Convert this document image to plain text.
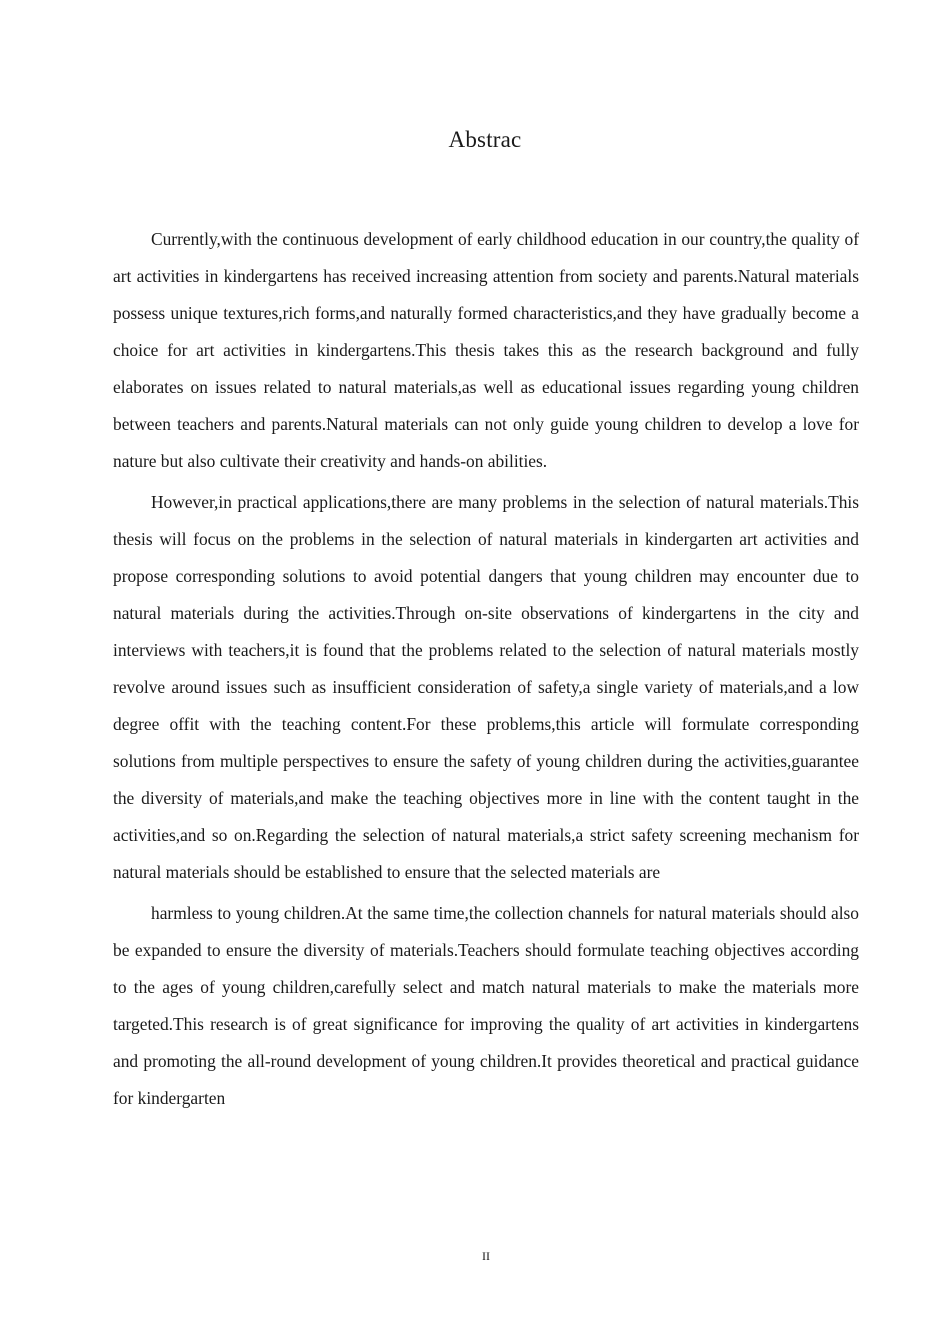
Abstrac

Currently,with the continuous development of early childhood education in our country,the quality of art activities in kindergartens has received increasing attention from society and parents.Natural materials possess unique textures,rich forms,and naturally formed characteristics,and they have gradually become a choice for art activities in kindergartens.This thesis takes this as the research background and fully elaborates on issues related to natural materials,as well as educational issues regarding young children between teachers and parents.Natural materials can not only guide young children to develop a love for nature but also cultivate their creativity and hands-on abilities.

However,in practical applications,there are many problems in the selection of natural materials.This thesis will focus on the problems in the selection of natural materials in kindergarten art activities and propose corresponding solutions to avoid potential dangers that young children may encounter due to natural materials during the activities.Through on-site observations of kindergartens in the city and interviews with teachers,it is found that the problems related to the selection of natural materials mostly revolve around issues such as insufficient consideration of safety,a single variety of materials,and a low degree offit with the teaching content.For these problems,this article will formulate corresponding solutions from multiple perspectives to ensure the safety of young children during the activities,guarantee the diversity of materials,and make the teaching objectives more in line with the content taught in the activities,and so on.Regarding the selection of natural materials,a strict safety screening mechanism for natural materials should be established to ensure that the selected materials are

harmless to young children.At the same time,the collection channels for natural materials should also be expanded to ensure the diversity of materials.Teachers should formulate teaching objectives according to the ages of young children,carefully select and match natural materials to make the materials more targeted.This research is of great significance for improving the quality of art activities in kindergartens and promoting the all-round development of young children.It provides theoretical and practical guidance for kindergarten

II
